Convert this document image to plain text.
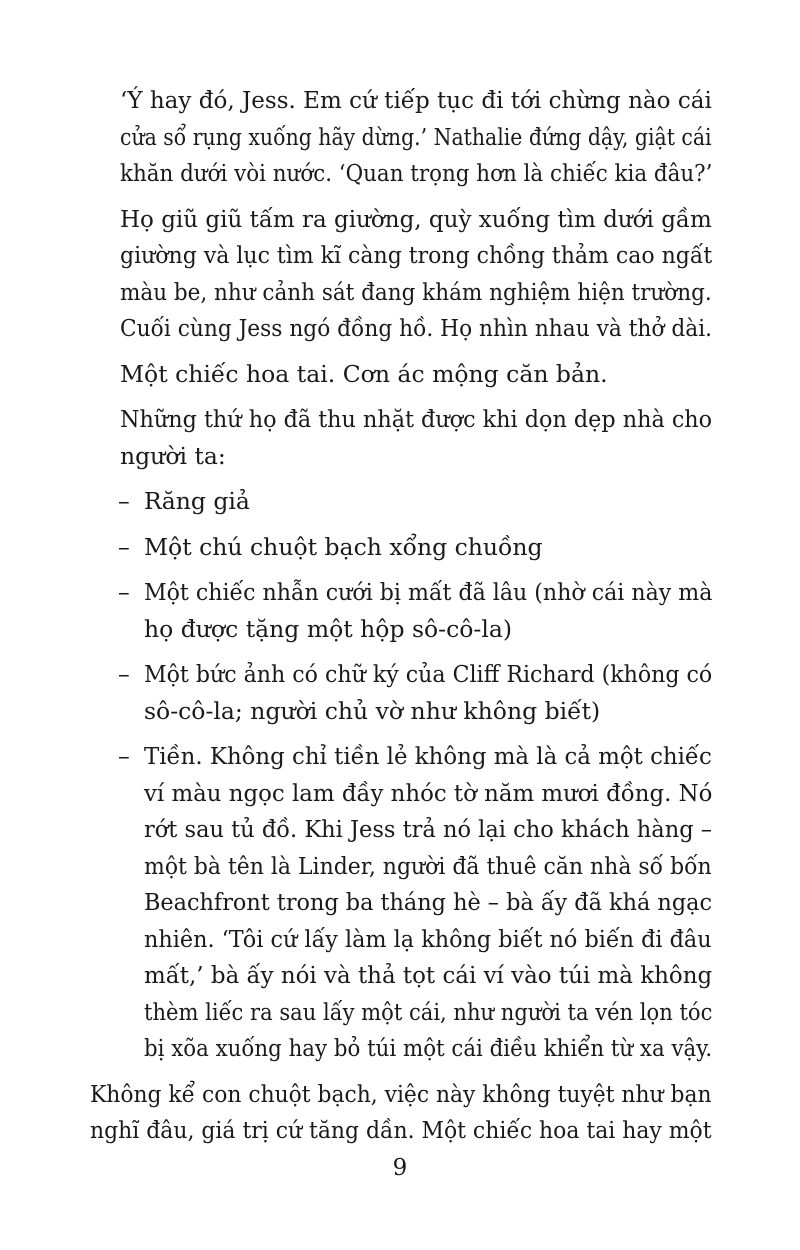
‘Ý hay đó, Jess. Em cứ tiếp tục đi tới chừng nào cái
cửa sổ rụng xuống hãy dừng.’ Nathalie đứng dậy, giật cái
khăn dưới vòi nước. ‘Quan trọng hơn là chiếc kia đâu?’
Họ giũ giũ tấm ra giường, quỳ xuống tìm dưới gầm
giường và lục tìm kĩ càng trong chồng thảm cao ngất
màu be, như cảnh sát đang khám nghiệm hiện trường.
Cuối cùng Jess ngó đồng hồ. Họ nhìn nhau và thở dài.
Một chiếc hoa tai. Cơn ác mộng căn bản.
Những thứ họ đã thu nhặt được khi dọn dẹp nhà cho
người ta:
– Răng giả
– Một chú chuột bạch xổng chuồng
– Một chiếc nhẫn cưới bị mất đã lâu (nhờ cái này mà
họ được tặng một hộp sô-cô-la)
– Một bức ảnh có chữ ký của Cliff Richard (không có
sô-cô-la; người chủ vờ như không biết)
– Tiền. Không chỉ tiền lẻ không mà là cả một chiếc
ví màu ngọc lam đầy nhóc tờ năm mươi đồng. Nó
rớt sau tủ đồ. Khi Jess trả nó lại cho khách hàng –
một bà tên là Linder, người đã thuê căn nhà số bốn
Beachfront trong ba tháng hè – bà ấy đã khá ngạc
nhiên. ‘Tôi cứ lấy làm lạ không biết nó biến đi đâu
mất,’ bà ấy nói và thả tọt cái ví vào túi mà không
thèm liếc ra sau lấy một cái, như người ta vén lọn tóc
bị xõa xuống hay bỏ túi một cái điều khiển từ xa vậy.
Không kể con chuột bạch, việc này không tuyệt như bạn
nghĩ đâu, giá trị cứ tăng dần. Một chiếc hoa tai hay một
9
